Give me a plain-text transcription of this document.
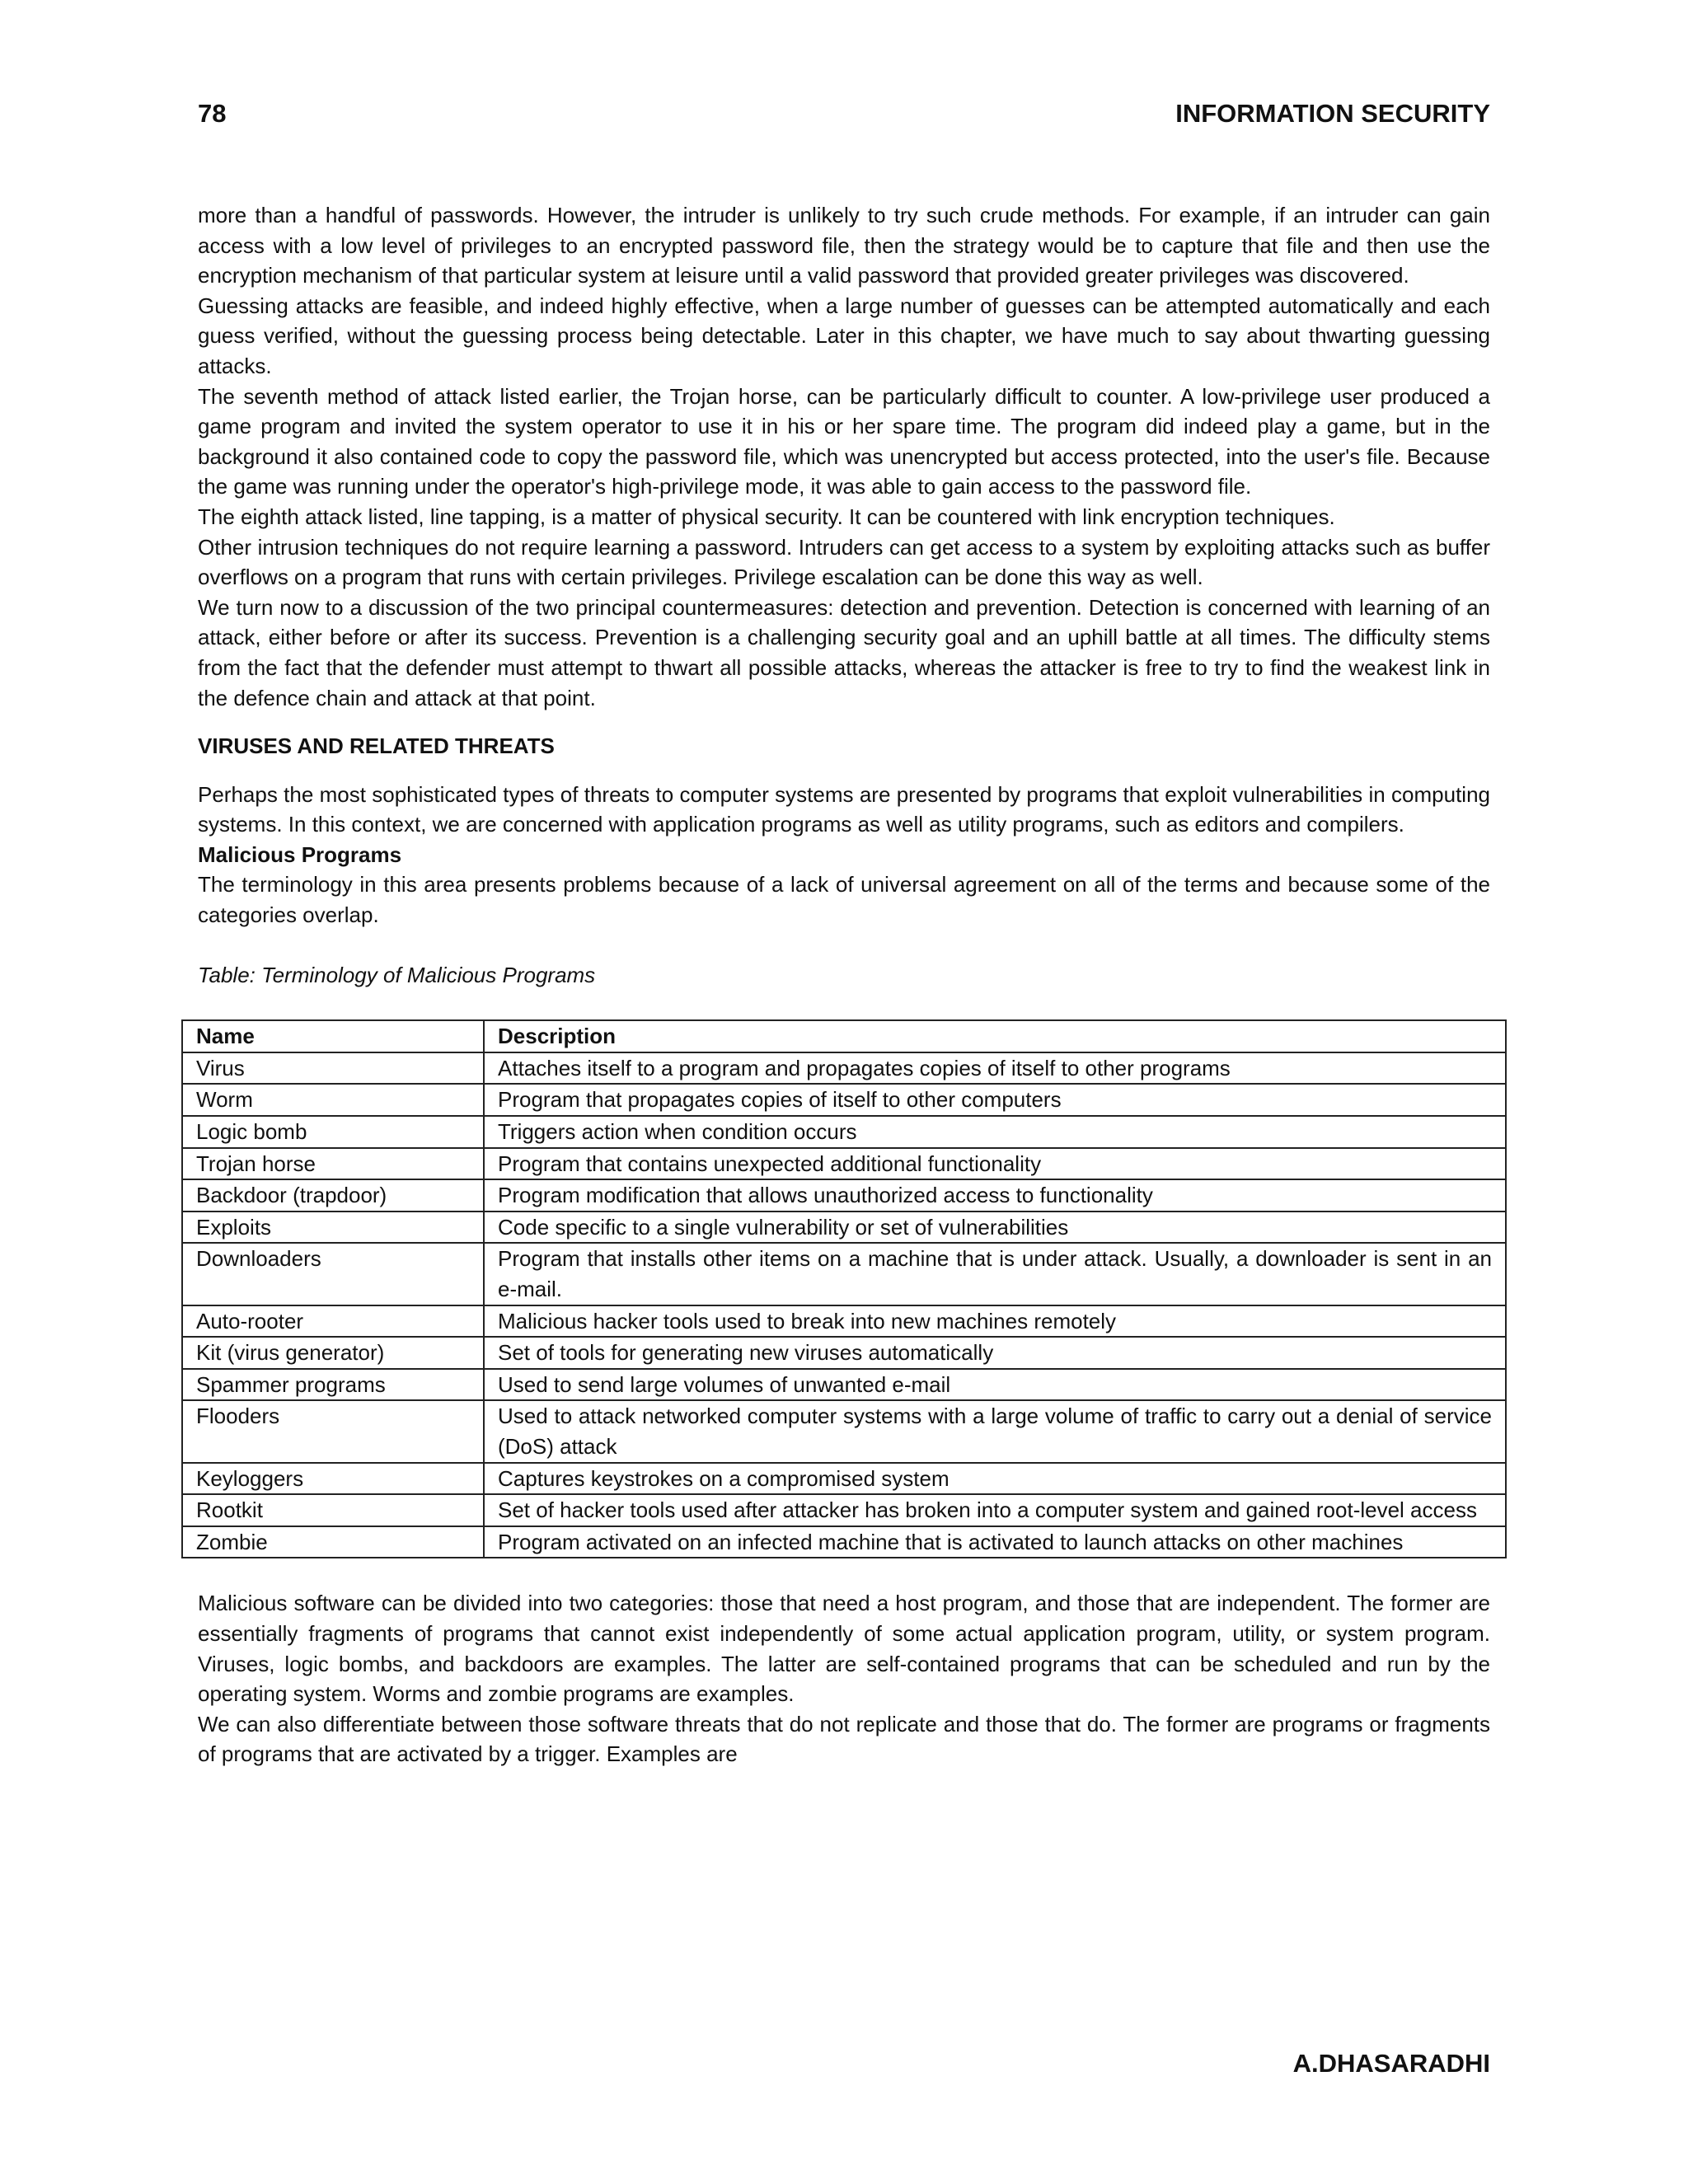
78	INFORMATION SECURITY

more than a handful of passwords. However, the intruder is unlikely to try such crude methods. For example, if an intruder can gain access with a low level of privileges to an encrypted password file, then the strategy would be to capture that file and then use the encryption mechanism of that particular system at leisure until a valid password that provided greater privileges was discovered.

Guessing attacks are feasible, and indeed highly effective, when a large number of guesses can be attempted automatically and each guess verified, without the guessing process being detectable. Later in this chapter, we have much to say about thwarting guessing attacks.

The seventh method of attack listed earlier, the Trojan horse, can be particularly difficult to counter. A low-privilege user produced a game program and invited the system operator to use it in his or her spare time. The program did indeed play a game, but in the background it also contained code to copy the password file, which was unencrypted but access protected, into the user's file. Because the game was running under the operator's high-privilege mode, it was able to gain access to the password file.

The eighth attack listed, line tapping, is a matter of physical security. It can be countered with link encryption techniques.

Other intrusion techniques do not require learning a password. Intruders can get access to a system by exploiting attacks such as buffer overflows on a program that runs with certain privileges. Privilege escalation can be done this way as well.

We turn now to a discussion of the two principal countermeasures: detection and prevention. Detection is concerned with learning of an attack, either before or after its success. Prevention is a challenging security goal and an uphill battle at all times. The difficulty stems from the fact that the defender must attempt to thwart all possible attacks, whereas the attacker is free to try to find the weakest link in the defence chain and attack at that point.

VIRUSES AND RELATED THREATS

Perhaps the most sophisticated types of threats to computer systems are presented by programs that exploit vulnerabilities in computing systems. In this context, we are concerned with application programs as well as utility programs, such as editors and compilers.

Malicious Programs

The terminology in this area presents problems because of a lack of universal agreement on all of the terms and because some of the categories overlap.

Table: Terminology of Malicious Programs

Name	Description
Virus	Attaches itself to a program and propagates copies of itself to other programs
Worm	Program that propagates copies of itself to other computers
Logic bomb	Triggers action when condition occurs
Trojan horse	Program that contains unexpected additional functionality
Backdoor (trapdoor)	Program modification that allows unauthorized access to functionality
Exploits	Code specific to a single vulnerability or set of vulnerabilities
Downloaders	Program that installs other items on a machine that is under attack. Usually, a downloader is sent in an e-mail.
Auto-rooter	Malicious hacker tools used to break into new machines remotely
Kit (virus generator)	Set of tools for generating new viruses automatically
Spammer programs	Used to send large volumes of unwanted e-mail
Flooders	Used to attack networked computer systems with a large volume of traffic to carry out a denial of service (DoS) attack
Keyloggers	Captures keystrokes on a compromised system
Rootkit	Set of hacker tools used after attacker has broken into a computer system and gained root-level access
Zombie	Program activated on an infected machine that is activated to launch attacks on other machines

Malicious software can be divided into two categories: those that need a host program, and those that are independent. The former are essentially fragments of programs that cannot exist independently of some actual application program, utility, or system program. Viruses, logic bombs, and backdoors are examples. The latter are self-contained programs that can be scheduled and run by the operating system. Worms and zombie programs are examples.

We can also differentiate between those software threats that do not replicate and those that do. The former are programs or fragments of programs that are activated by a trigger. Examples are

A.DHASARADHI
